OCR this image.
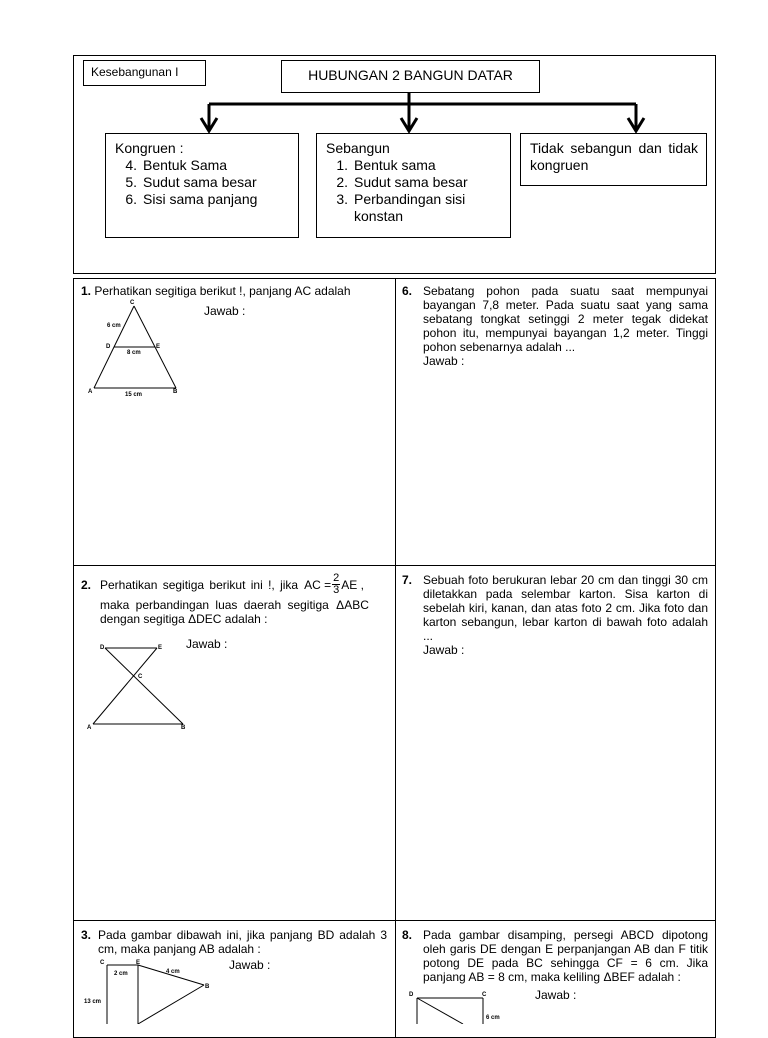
Kesebangunan I	HUBUNGAN 2 BANGUN DATAR
Kongruen :
4. Bentuk Sama
5. Sudut sama besar
6. Sisi sama panjang
Sebangun
1. Bentuk sama
2. Sudut sama besar
3. Perbandingan sisi konstan
Tidak sebangun dan tidak kongruen
1. Perhatikan segitiga berikut !, panjang AC adalah
Jawab :
C
D	E
A	B
6 cm
8 cm
15 cm
6. Sebatang pohon pada suatu saat mempunyai bayangan 7,8 meter. Pada suatu saat yang sama sebatang tongkat setinggi 2 meter tegak didekat pohon itu, mempunyai bayangan 1,2 meter. Tinggi pohon sebenarnya adalah ...
Jawab :
2. Perhatikan segitiga berikut ini !, jika AC = $\frac{2}{3}$ AE ,
maka perbandingan luas daerah segitiga ΔABC
dengan segitiga ΔDEC adalah :
Jawab :
D	E
C
A	B
7. Sebuah foto berukuran lebar 20 cm dan tinggi 30 cm diletakkan pada selembar karton. Sisa karton di sebelah kiri, kanan, dan atas foto 2 cm. Jika foto dan karton sebangun, lebar karton di bawah foto adalah ...
Jawab :
3. Pada gambar dibawah ini, jika panjang BD adalah 3 cm, maka panjang AB adalah :
Jawab :
C	E
B
2 cm	4 cm
13 cm
8. Pada gambar disamping, persegi ABCD dipotong oleh garis DE dengan E perpanjangan AB dan F titik potong DE pada BC sehingga CF = 6 cm. Jika panjang AB = 8 cm, maka keliling ΔBEF adalah :
Jawab :
D	C
6 cm
